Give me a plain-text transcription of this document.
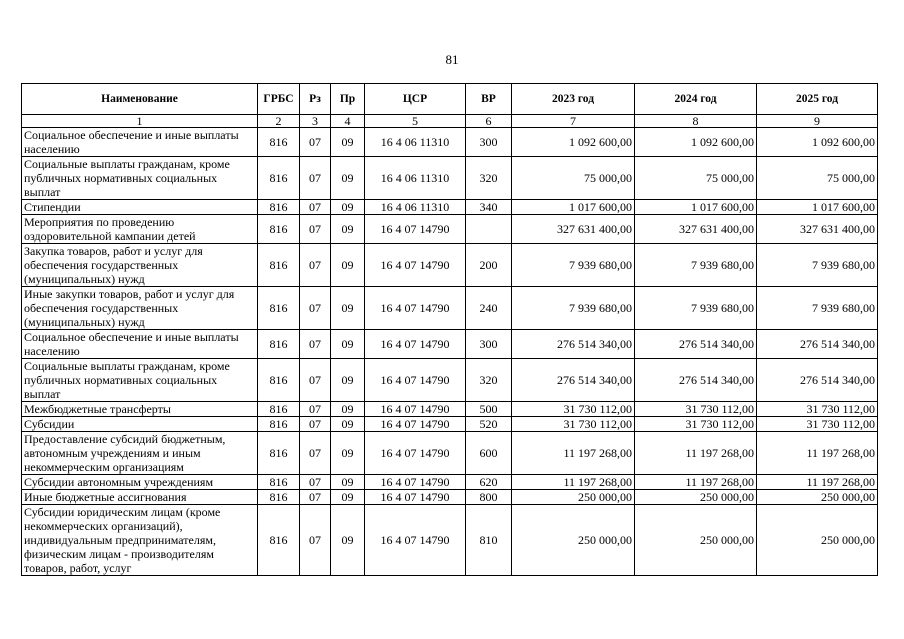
81
Наименование	ГРБС	Рз	Пр	ЦСР	ВР	2023 год	2024 год	2025 год
1	2	3	4	5	6	7	8	9
Социальное обеспечение и иные выплаты населению	816	07	09	16 4 06 11310	300	1 092 600,00	1 092 600,00	1 092 600,00
Социальные выплаты гражданам, кроме публичных нормативных социальных выплат	816	07	09	16 4 06 11310	320	75 000,00	75 000,00	75 000,00
Стипендии	816	07	09	16 4 06 11310	340	1 017 600,00	1 017 600,00	1 017 600,00
Мероприятия по проведению оздоровительной кампании детей	816	07	09	16 4 07 14790		327 631 400,00	327 631 400,00	327 631 400,00
Закупка товаров, работ и услуг для обеспечения государственных (муниципальных) нужд	816	07	09	16 4 07 14790	200	7 939 680,00	7 939 680,00	7 939 680,00
Иные закупки товаров, работ и услуг для обеспечения государственных (муниципальных) нужд	816	07	09	16 4 07 14790	240	7 939 680,00	7 939 680,00	7 939 680,00
Социальное обеспечение и иные выплаты населению	816	07	09	16 4 07 14790	300	276 514 340,00	276 514 340,00	276 514 340,00
Социальные выплаты гражданам, кроме публичных нормативных социальных выплат	816	07	09	16 4 07 14790	320	276 514 340,00	276 514 340,00	276 514 340,00
Межбюджетные трансферты	816	07	09	16 4 07 14790	500	31 730 112,00	31 730 112,00	31 730 112,00
Субсидии	816	07	09	16 4 07 14790	520	31 730 112,00	31 730 112,00	31 730 112,00
Предоставление субсидий бюджетным, автономным учреждениям и иным некоммерческим организациям	816	07	09	16 4 07 14790	600	11 197 268,00	11 197 268,00	11 197 268,00
Субсидии автономным учреждениям	816	07	09	16 4 07 14790	620	11 197 268,00	11 197 268,00	11 197 268,00
Иные бюджетные ассигнования	816	07	09	16 4 07 14790	800	250 000,00	250 000,00	250 000,00
Субсидии юридическим лицам (кроме некоммерческих организаций), индивидуальным предпринимателям, физическим лицам - производителям товаров, работ, услуг	816	07	09	16 4 07 14790	810	250 000,00	250 000,00	250 000,00
